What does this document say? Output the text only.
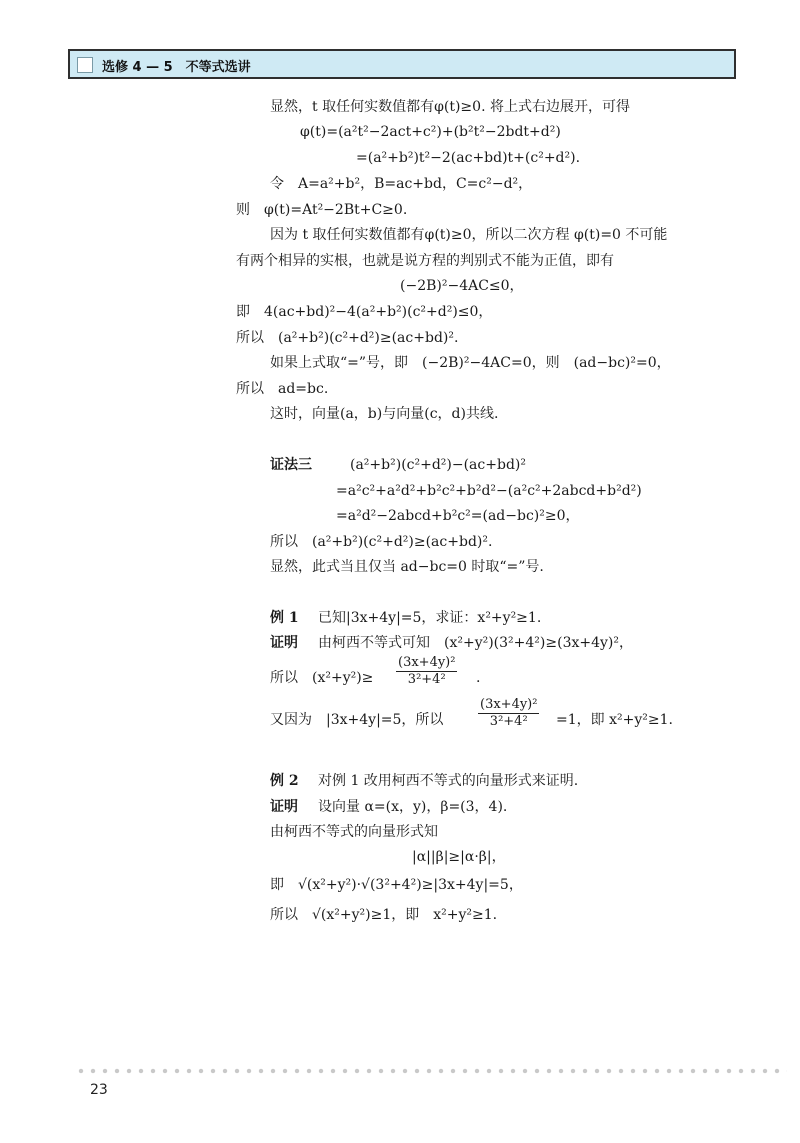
选修 4 — 5　不等式选讲
显然，t 取任何实数值都有φ(t)≥0. 将上式右边展开，可得
φ(t)=(a²t²−2act+c²)+(b²t²−2bdt+d²)
=(a²+b²)t²−2(ac+bd)t+(c²+d²).
令　A=a²+b²，B=ac+bd，C=c²−d²，
则　φ(t)=At²−2Bt+C≥0.
因为 t 取任何实数值都有φ(t)≥0，所以二次方程 φ(t)=0 不可能
有两个相异的实根，也就是说方程的判别式不能为正值，即有
(−2B)²−4AC≤0，
即　4(ac+bd)²−4(a²+b²)(c²+d²)≤0，
所以　(a²+b²)(c²+d²)≥(ac+bd)².
如果上式取“=”号，即　(−2B)²−4AC=0，则　(ad−bc)²=0，
所以　ad=bc.
这时，向量(a，b)与向量(c，d)共线.
证法三	(a²+b²)(c²+d²)−(ac+bd)²
=a²c²+a²d²+b²c²+b²d²−(a²c²+2abcd+b²d²)
=a²d²−2abcd+b²c²=(ad−bc)²≥0，
所以　(a²+b²)(c²+d²)≥(ac+bd)².
显然，此式当且仅当 ad−bc=0 时取“=”号.
例 1 已知|3x+4y|=5，求证：x²+y²≥1.
证明 由柯西不等式可知　(x²+y²)(3²+4²)≥(3x+4y)²，
所以　$(x^2+y^2)\ge \frac{\text{(3x+4y)²}}{\text{3²+4²}}$ .
又因为　|3x+4y|=5，所以	$\frac{\text{(3x+4y)²}}{\text{3²+4²}} =1$，即 x²+y²≥1.
例 2 对例 1 改用柯西不等式的向量形式来证明.
证明 设向量 α=(x，y)，β=(3，4).
由柯西不等式的向量形式知
|α||β|≥|α·β|，
即　√(x²+y²)·√(3²+4²)≥|3x+4y|=5，
所以　√(x²+y²)≥1，即　x²+y²≥1.
23
